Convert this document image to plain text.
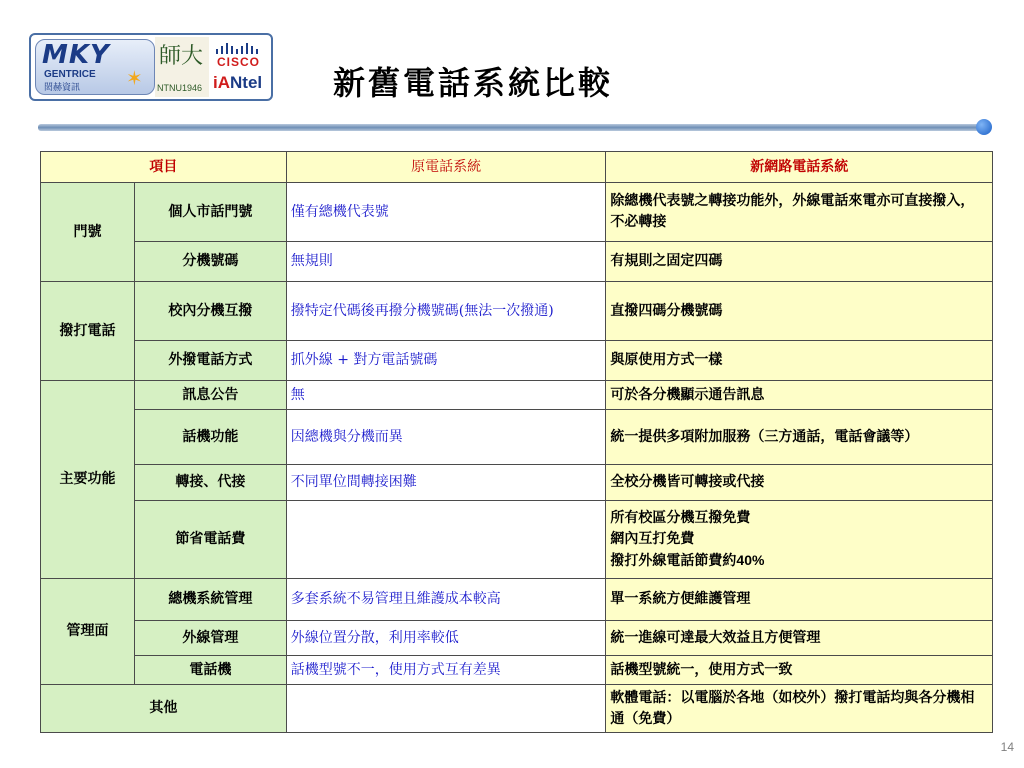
MKY
GENTRICE
閎赫資訊 ✶
師大
NTNU1946
CISCO
iANtel 新舊電話系統比較
項目		原電話系統	新網路電話系統
門號	個人市話門號	僅有總機代表號	除總機代表號之轉接功能外，外線電話來電亦可直接撥入，不必轉接
	分機號碼	無規則	有規則之固定四碼
撥打電話	校內分機互撥	撥特定代碼後再撥分機號碼(無法一次撥通)	直撥四碼分機號碼
	外撥電話方式	抓外線 + 對方電話號碼	與原使用方式一樣
主要功能	訊息公告	無	可於各分機顯示通告訊息
	話機功能	因總機與分機而異	統一提供多項附加服務（三方通話，電話會議等）
	轉接、代接	不同單位間轉接困難	全校分機皆可轉接或代接
	節省電話費		所有校區分機互撥免費
網內互打免費
撥打外線電話節費約40%

管理面	總機系統管理	多套系統不易管理且維護成本較高	單一系統方便維護管理
	外線管理	外線位置分散，利用率較低	統一進線可達最大效益且方便管理
	電話機	話機型號不一，使用方式互有差異	話機型號統一，使用方式一致
其他			軟體電話：以電腦於各地（如校外）撥打電話均與各分機相通（免費）
14
